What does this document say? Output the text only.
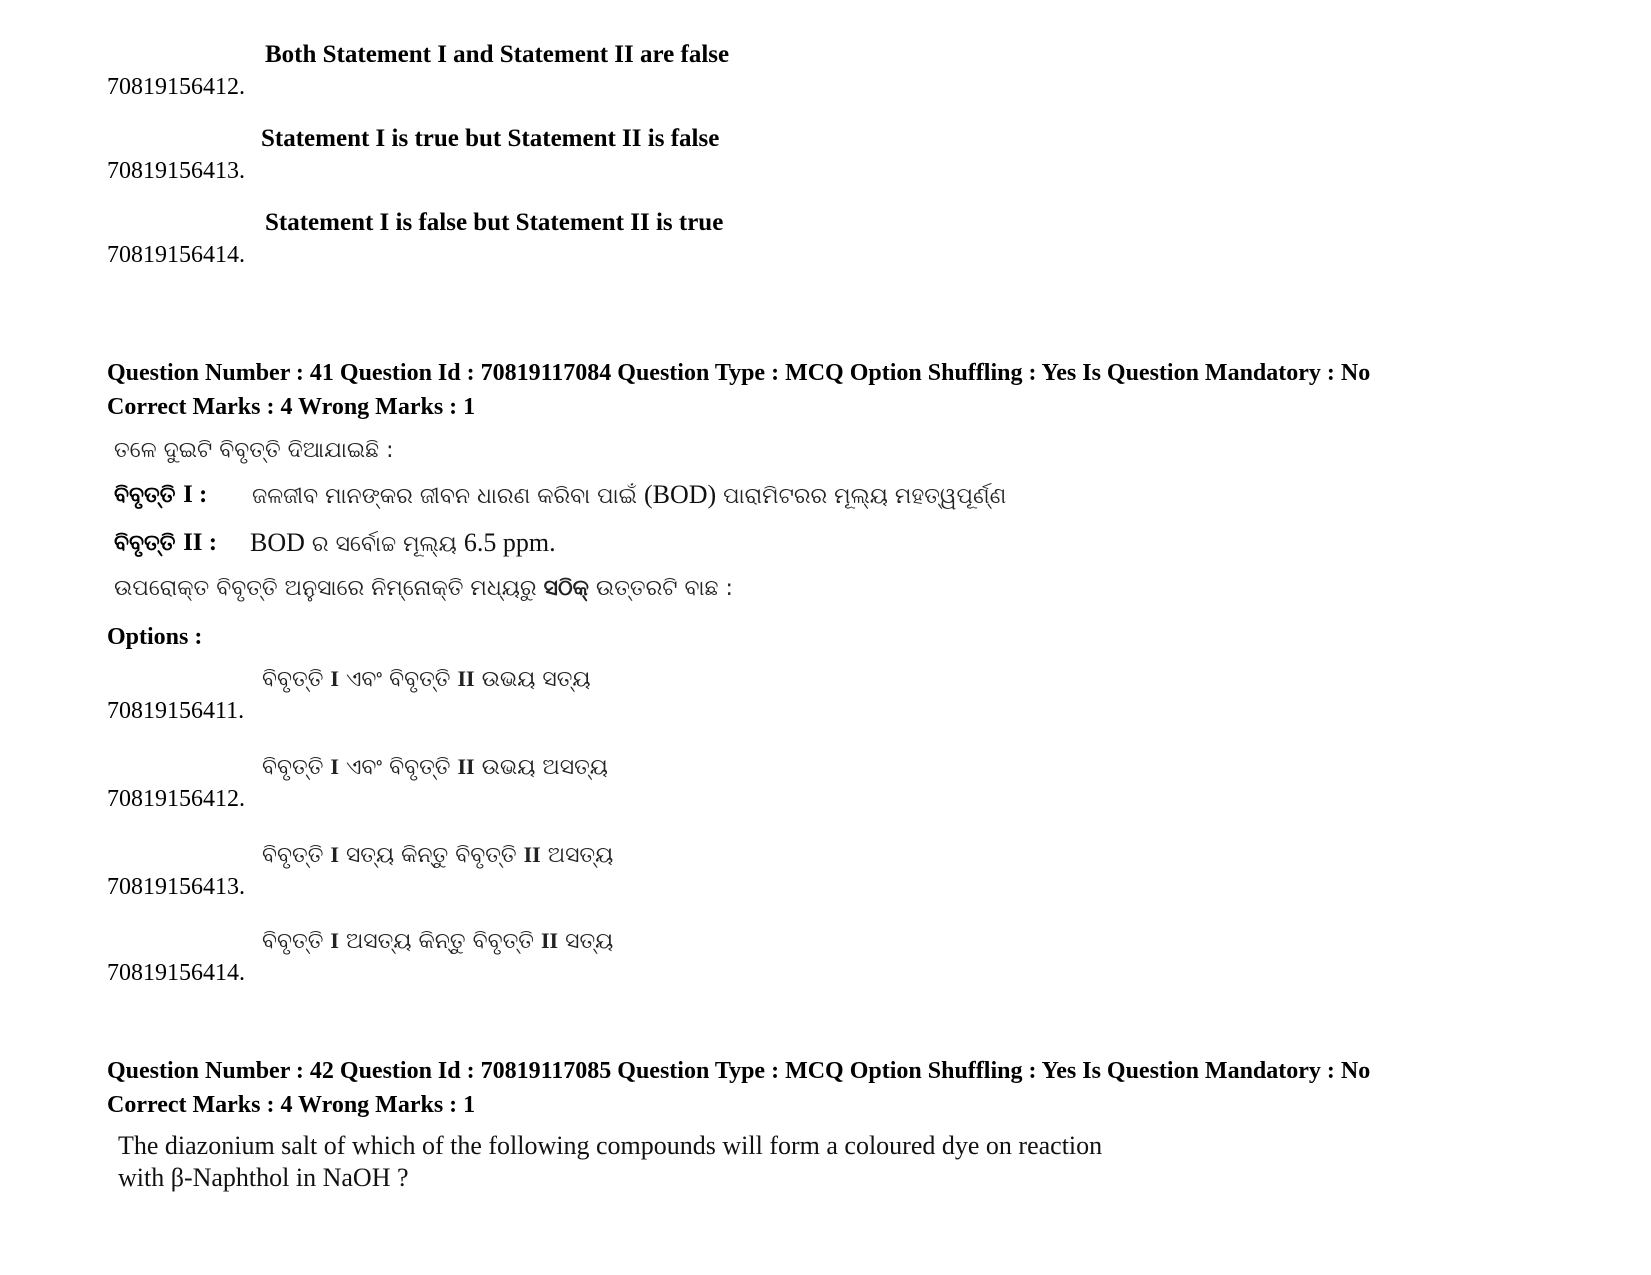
70819156412.
Both Statement I and Statement II are false
70819156413.
Statement I is true but Statement II is false
70819156414.
Statement I is false but Statement II is true
Question Number : 41 Question Id : 70819117084 Question Type : MCQ Option Shuffling : Yes Is Question Mandatory : No
Correct Marks : 4 Wrong Marks : 1
ତଳେ ଦୁଇଟି ବିବୃତ୍ତି ଦିଆଯାଇଛି :
ବିବୃତ୍ତି I : ଜଳଜୀବ ମାନଙ୍କର ଜୀବନ ଧାରଣ କରିବା ପାଇଁ (BOD) ପାରାମିଟରର ମୂଲ୍ୟ ମହତ୍ୱପୂର୍ଣ୍ଣ
ବିବୃତ୍ତି II : BOD ର ସର୍ବୋଚ୍ଚ ମୂଲ୍ୟ 6.5 ppm.
ଉପରୋକ୍ତ ବିବୃତ୍ତି ଅନୁସାରେ ନିମ୍ନୋକ୍ତି ମଧ୍ୟରୁ ସଠିକ୍ ଉତ୍ତରଟି ବାଛ :
Options :
70819156411.
ବିବୃତ୍ତି I ଏବଂ ବିବୃତ୍ତି II ଉଭୟ ସତ୍ୟ
70819156412.
ବିବୃତ୍ତି I ଏବଂ ବିବୃତ୍ତି II ଉଭୟ ଅସତ୍ୟ
70819156413.
ବିବୃତ୍ତି I ସତ୍ୟ କିନ୍ତୁ ବିବୃତ୍ତି II ଅସତ୍ୟ
70819156414.
ବିବୃତ୍ତି I ଅସତ୍ୟ କିନ୍ତୁ ବିବୃତ୍ତି II ସତ୍ୟ
Question Number : 42 Question Id : 70819117085 Question Type : MCQ Option Shuffling : Yes Is Question Mandatory : No
Correct Marks : 4 Wrong Marks : 1
The diazonium salt of which of the following compounds will form a coloured dye on reaction
with β-Naphthol in NaOH ?
